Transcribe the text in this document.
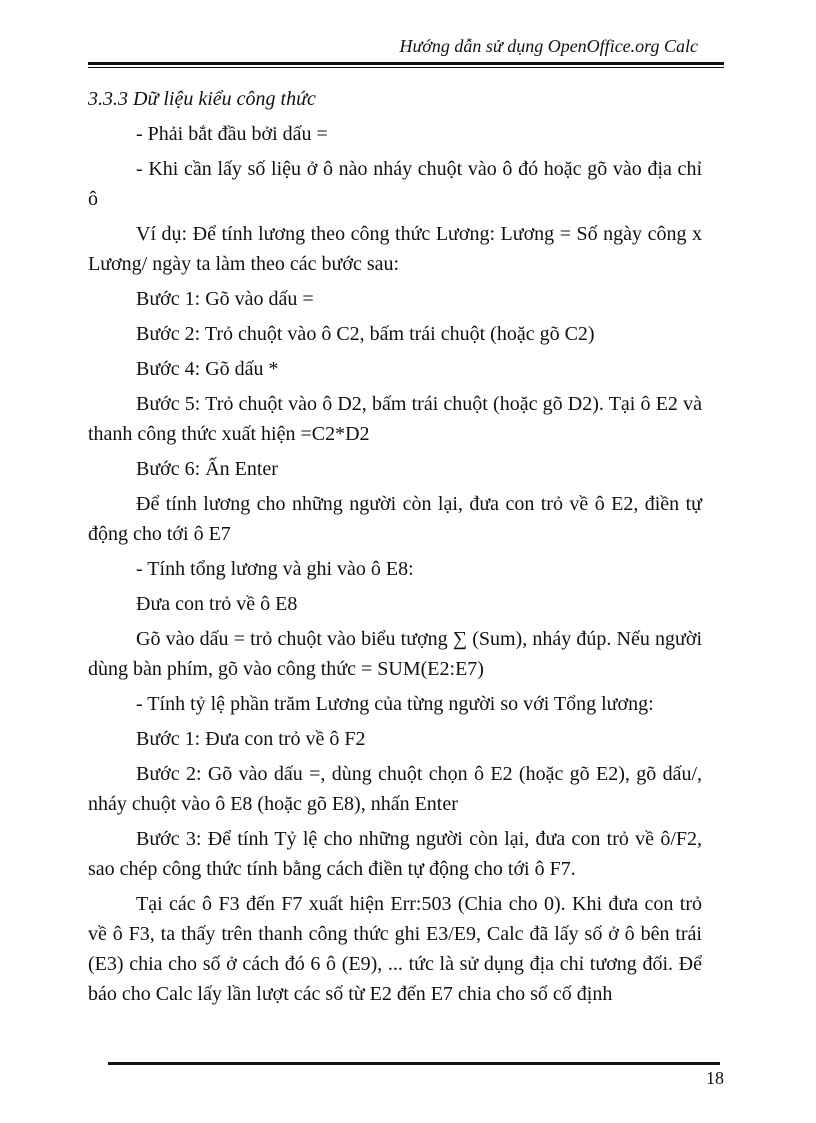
Hướng dẫn sử dụng OpenOffice.org Calc
3.3.3 Dữ liệu kiểu công thức

- Phải bắt đầu bởi dấu =

- Khi cần lấy số liệu ở ô nào nháy chuột vào ô đó hoặc gõ vào địa chỉ ô

Ví dụ: Để tính lương theo công thức Lương: Lương = Số ngày công x Lương/ ngày ta làm theo các bước sau:

Bước 1: Gõ vào dấu =

Bước 2: Trỏ chuột vào ô C2, bấm trái chuột (hoặc gõ C2)

Bước 4: Gõ dấu *

Bước 5: Trỏ chuột vào ô D2, bấm trái chuột (hoặc gõ D2). Tại ô E2 và thanh công thức xuất hiện =C2*D2

Bước 6: Ấn Enter

Để tính lương cho những người còn lại, đưa con trỏ về ô E2, điền tự động cho tới ô E7

- Tính tổng lương và ghi vào ô E8:

Đưa con trỏ về ô E8

Gõ vào dấu = trỏ chuột vào biểu tượng ∑ (Sum), nháy đúp. Nếu người dùng bàn phím, gõ vào công thức = SUM(E2:E7)

- Tính tỷ lệ phần trăm Lương của từng người so với Tổng lương:

Bước 1: Đưa con trỏ về ô F2

Bước 2: Gõ vào dấu =, dùng chuột chọn ô E2 (hoặc gõ E2), gõ dấu/, nháy chuột vào ô E8 (hoặc gõ E8), nhấn Enter

Bước 3: Để tính Tỷ lệ cho những người còn lại, đưa con trỏ về ô/F2, sao chép công thức tính bằng cách điền tự động cho tới ô F7.

Tại các ô F3 đến F7 xuất hiện Err:503 (Chia cho 0). Khi đưa con trỏ về ô F3, ta thấy trên thanh công thức ghi E3/E9, Calc đã lấy số ở ô bên trái (E3) chia cho số ở cách đó 6 ô (E9), ... tức là sử dụng địa chỉ tương đối. Để báo cho Calc lấy lần lượt các số từ E2 đến E7 chia cho số cố định

18
